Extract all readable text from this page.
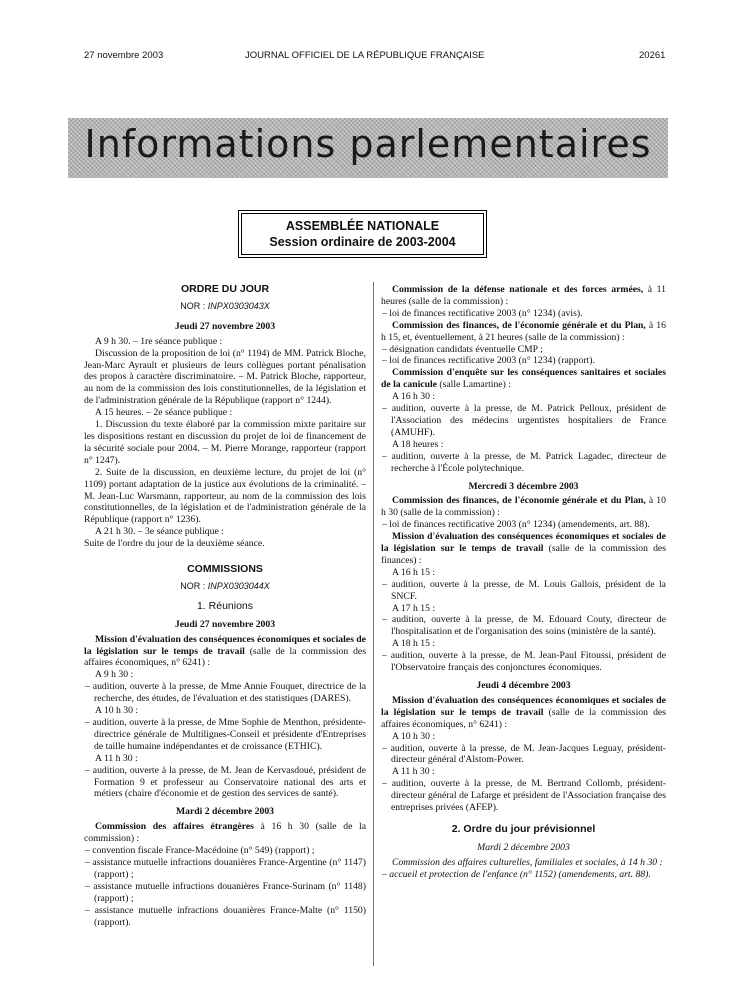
27 novembre 2003	JOURNAL OFFICIEL DE LA RÉPUBLIQUE FRANÇAISE	20261
Informations parlementaires
ASSEMBLÉE NATIONALE
Session ordinaire de 2003-2004
ORDRE DU JOUR
NOR : INPX0303043X
Jeudi 27 novembre 2003

A 9 h 30. – 1re séance publique :

Discussion de la proposition de loi (n° 1194) de MM. Patrick Bloche, Jean-Marc Ayrault et plusieurs de leurs collègues portant pénalisation des propos à caractère discriminatoire. – M. Patrick Bloche, rapporteur, au nom de la commission des lois constitutionnelles, de la législation et de l'administration générale de la République (rapport n° 1244).

A 15 heures. – 2e séance publique :

1. Discussion du texte élaboré par la commission mixte paritaire sur les dispositions restant en discussion du projet de loi de financement de la sécurité sociale pour 2004. – M. Pierre Morange, rapporteur (rapport n° 1247).

2. Suite de la discussion, en deuxième lecture, du projet de loi (n° 1109) portant adaptation de la justice aux évolutions de la criminalité. – M. Jean-Luc Warsmann, rapporteur, au nom de la commission des lois constitutionnelles, de la législation et de l'administration générale de la République (rapport n° 1236).

A 21 h 30. – 3e séance publique :

Suite de l'ordre du jour de la deuxième séance.

COMMISSIONS
NOR : INPX0303044X
1. Réunions
Jeudi 27 novembre 2003

Mission d'évaluation des conséquences économiques et sociales de la législation sur le temps de travail (salle de la commission des affaires économiques, n° 6241) :

A 9 h 30 :

– audition, ouverte à la presse, de Mme Annie Fouquet, directrice de la recherche, des études, de l'évaluation et des statistiques (DARES).

A 10 h 30 :

– audition, ouverte à la presse, de Mme Sophie de Menthon, présidente-directrice générale de Multilignes-Conseil et présidente d'Entreprises de taille humaine indépendantes et de croissance (ETHIC).

A 11 h 30 :

– audition, ouverte à la presse, de M. Jean de Kervasdoué, président de Formation 9 et professeur au Conservatoire national des arts et métiers (chaire d'économie et de gestion des services de santé).

Mardi 2 décembre 2003

Commission des affaires étrangères à 16 h 30 (salle de la commission) :

– convention fiscale France-Macédoine (n° 549) (rapport) ;

– assistance mutuelle infractions douanières France-Argentine (n° 1147) (rapport) ;

– assistance mutuelle infractions douanières France-Surinam (n° 1148) (rapport) ;

– assistance mutuelle infractions douanières France-Malte (n° 1150) (rapport).

Commission de la défense nationale et des forces armées, à 11 heures (salle de la commission) :

– loi de finances rectificative 2003 (n° 1234) (avis).

Commission des finances, de l'économie générale et du Plan, à 16 h 15, et, éventuellement, à 21 heures (salle de la commission) :

– désignation candidats éventuelle CMP ;

– loi de finances rectificative 2003 (n° 1234) (rapport).

Commission d'enquête sur les conséquences sanitaires et sociales de la canicule (salle Lamartine) :

A 16 h 30 :

– audition, ouverte à la presse, de M. Patrick Pelloux, président de l'Association des médecins urgentistes hospitaliers de France (AMUHF).

A 18 heures :

– audition, ouverte à la presse, de M. Patrick Lagadec, directeur de recherche à l'École polytechnique.

Mercredi 3 décembre 2003

Commission des finances, de l'économie générale et du Plan, à 10 h 30 (salle de la commission) :

– loi de finances rectificative 2003 (n° 1234) (amendements, art. 88).

Mission d'évaluation des conséquences économiques et sociales de la législation sur le temps de travail (salle de la commission des finances) :

A 16 h 15 :

– audition, ouverte à la presse, de M. Louis Gallois, président de la SNCF.

A 17 h 15 :

– audition, ouverte à la presse, de M. Edouard Couty, directeur de l'hospitalisation et de l'organisation des soins (ministère de la santé).

A 18 h 15 :

– audition, ouverte à la presse, de M. Jean-Paul Fitoussi, président de l'Observatoire français des conjonctures économiques.

Jeudi 4 décembre 2003

Mission d'évaluation des conséquences économiques et sociales de la législation sur le temps de travail (salle de la commission des affaires économiques, n° 6241) :

A 10 h 30 :

– audition, ouverte à la presse, de M. Jean-Jacques Leguay, président-directeur général d'Alstom-Power.

A 11 h 30 :

– audition, ouverte à la presse, de M. Bertrand Collomb, président-directeur général de Lafarge et président de l'Association française des entreprises privées (AFEP).

2. Ordre du jour prévisionnel
Mardi 2 décembre 2003

Commission des affaires culturelles, familiales et sociales, à 14 h 30 :

– accueil et protection de l'enfance (n° 1152) (amendements, art. 88).
